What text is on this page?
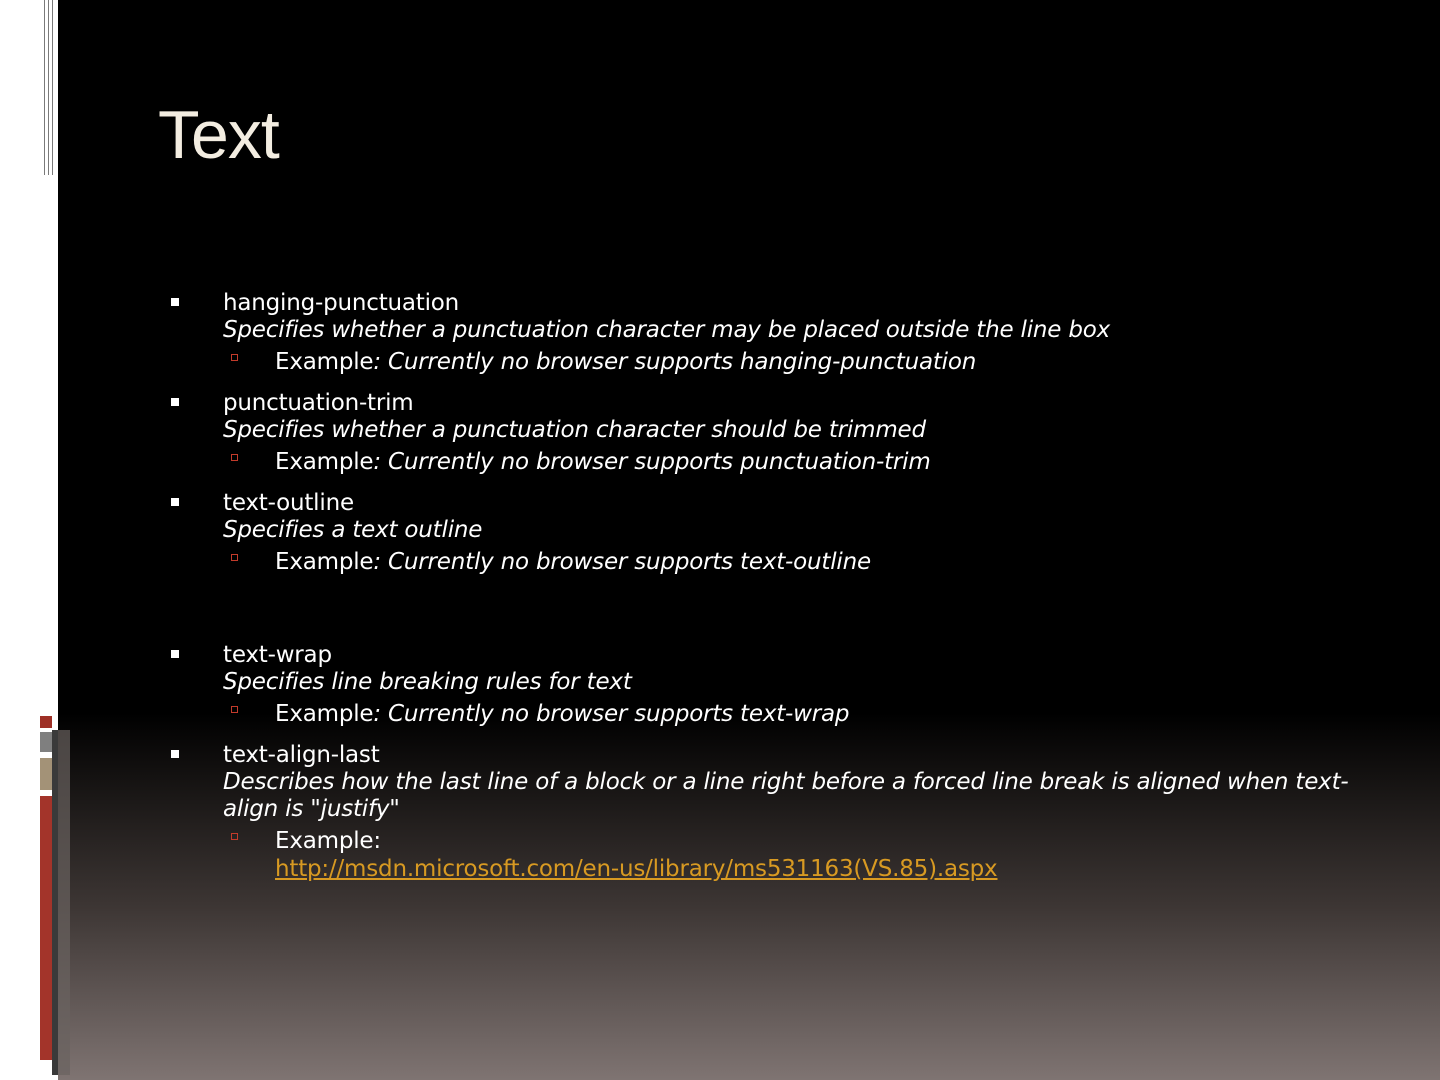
Text
hanging-punctuation
Specifies whether a punctuation character may be placed outside the line box
Example: Currently no browser supports hanging-punctuation
punctuation-trim
Specifies whether a punctuation character should be trimmed
Example: Currently no browser supports punctuation-trim
text-outline
Specifies a text outline
Example: Currently no browser supports text-outline
text-wrap
Specifies line breaking rules for text
Example: Currently no browser supports text-wrap
text-align-last
Describes how the last line of a block or a line right before a forced line break is aligned when text-align is "justify"
Example:
http://msdn.microsoft.com/en-us/library/ms531163(VS.85).aspx
